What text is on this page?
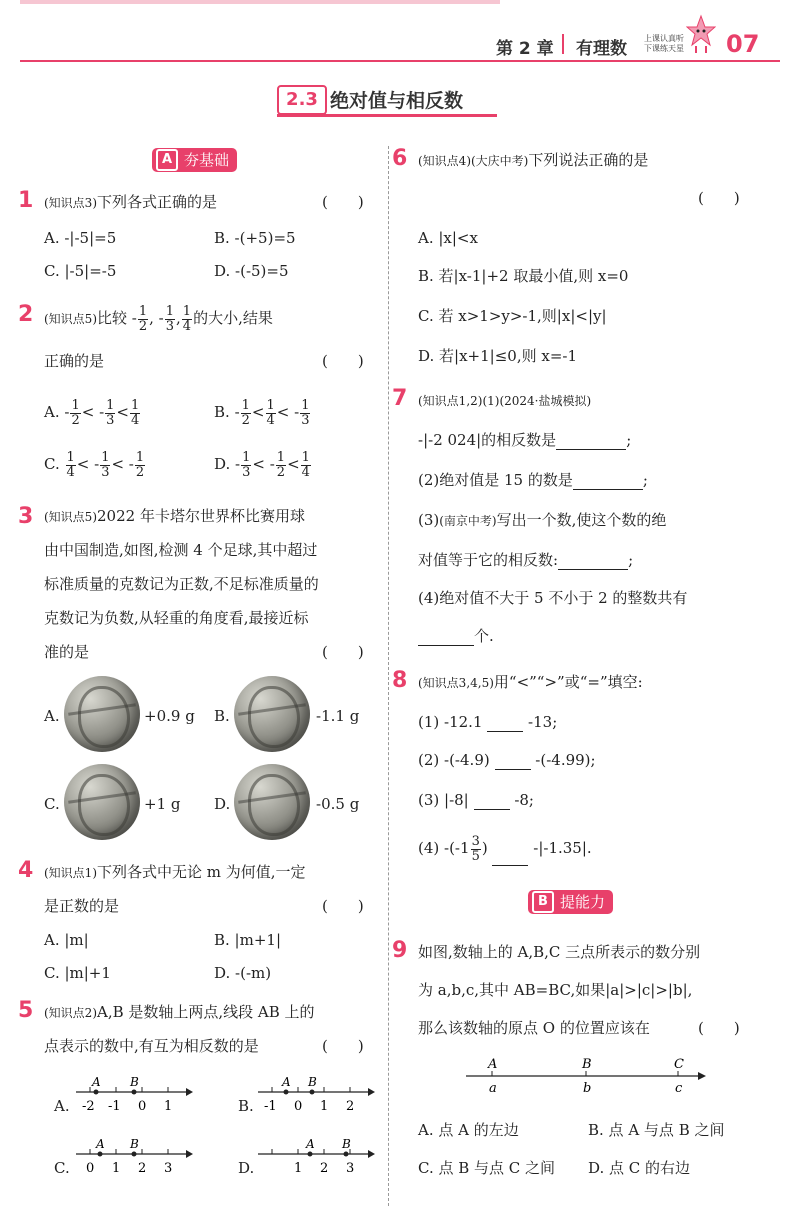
第 2 章 有理数
上课认真听
下课练天星 07
2.3 绝对值与相反数
A 夯基础
1 (知识点3)下列各式正确的是	(　　)
A. -|-5|=5	B. -(+5)=5
C. |-5|=-5	D. -(-5)=5
2 (知识点5)比较 - $\frac{1}{2}$ , - $\frac{1}{3}$ , $\frac{1}{4}$ 的大小,结果
正确的是	(　　)
A. - $\frac{1}{2}$ < - $\frac{1}{3} < \frac{1}{4}$	B. - $\frac{1}{2} < \frac{1}{4}$ < - $\frac{1}{3}$
C. $\frac{1}{4}$ < - $\frac{1}{3}$ < - $\frac{1}{2}$	D. - $\frac{1}{3}$ < - $\frac{1}{2} < \frac{1}{4}$
3 (知识点5)2022 年卡塔尔世界杯比赛用球
由中国制造,如图,检测 4 个足球,其中超过
标准质量的克数记为正数,不足标准质量的
克数记为负数,从轻重的角度看,最接近标
准的是	(　　)
A.	+0.9 g B.	-1.1 g
C.	+1 g D.	-0.5 g
4 (知识点1)下列各式中无论 m 为何值,一定
是正数的是	(　　)
A. |m|	B. |m+1|
C. |m|+1	D. -(-m)
5 (知识点2)A,B 是数轴上两点,线段 AB 上的
点表示的数中,有互为相反数的是	(　　)
A.
A B
-2 -1 0 1	B.
A B
-1 0 1 2
C.
A B
0 1 2 3	D.
A B
1 2 3
6 (知识点4)(大庆中考)下列说法正确的是
(　　)
A. |x|<x
B. 若|x-1|+2 取最小值,则 x=0
C. 若 x>1>y>-1,则|x|<|y|
D. 若|x+1|≤0,则 x=-1
7 (知识点1,2)(1)(2024·盐城模拟)
-|-2 024|的相反数是	;
(2)绝对值是 15 的数是	;
(3)(南京中考)写出一个数,使这个数的绝
对值等于它的相反数:	;
(4)绝对值不大于 5 不小于 2 的整数共有
个.
8 (知识点3,4,5)用“<”“>”或“=”填空:
(1) -12.1	-13;
(2) -(-4.9)	-(-4.99);
(3) |-8|	-8;
(4) $-(-1 \frac{3}{5}$ )	-|-1.35|.
B 提能力
9 如图,数轴上的 A,B,C 三点所表示的数分别
为 a,b,c,其中 AB=BC,如果|a|>|c|>|b|,
那么该数轴的原点 O 的位置应该在	(　　)
A	B	C
a	b	c
A. 点 A 的左边	B. 点 A 与点 B 之间
C. 点 B 与点 C 之间 D. 点 C 的右边
